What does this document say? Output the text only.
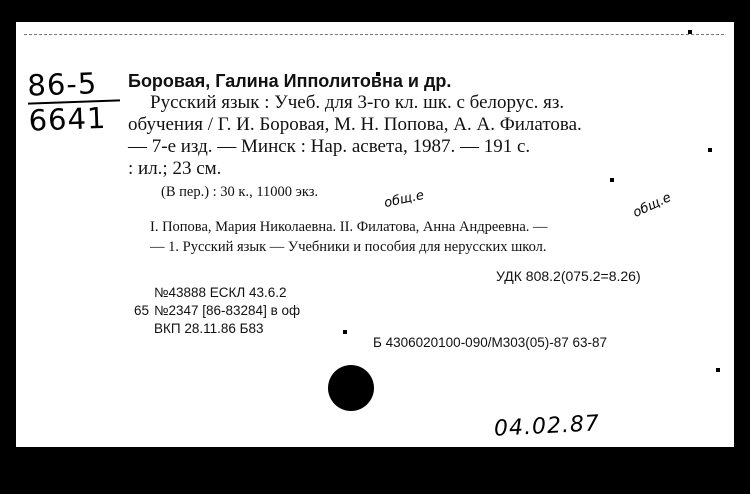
86-5
6641
Боровая, Галина Ипполитовна и др.
Русский язык : Учеб. для 3-го кл. шк. с белорус. яз.
обучения / Г. И. Боровая, М. Н. Попова, А. А. Филатова.
— 7-е изд. — Минск : Нар. асвета, 1987. — 191 с.
: ил.; 23 см.
(В пер.) : 30 к., 11000 экз.
I. Попова, Мария Николаевна. II. Филатова, Анна Андреевна. —
— 1. Русский язык — Учебники и пособия для нерусских школ.
общ.е	общ.е
УДК 808.2(075.2=8.26)
№43888 ЕСКЛ 43.6.2
65 №2347 [86-83284] в оф
ВКП 28.11.86 Б83
Б 4306020100-090/М303(05)-87 63-87
04.02.87
